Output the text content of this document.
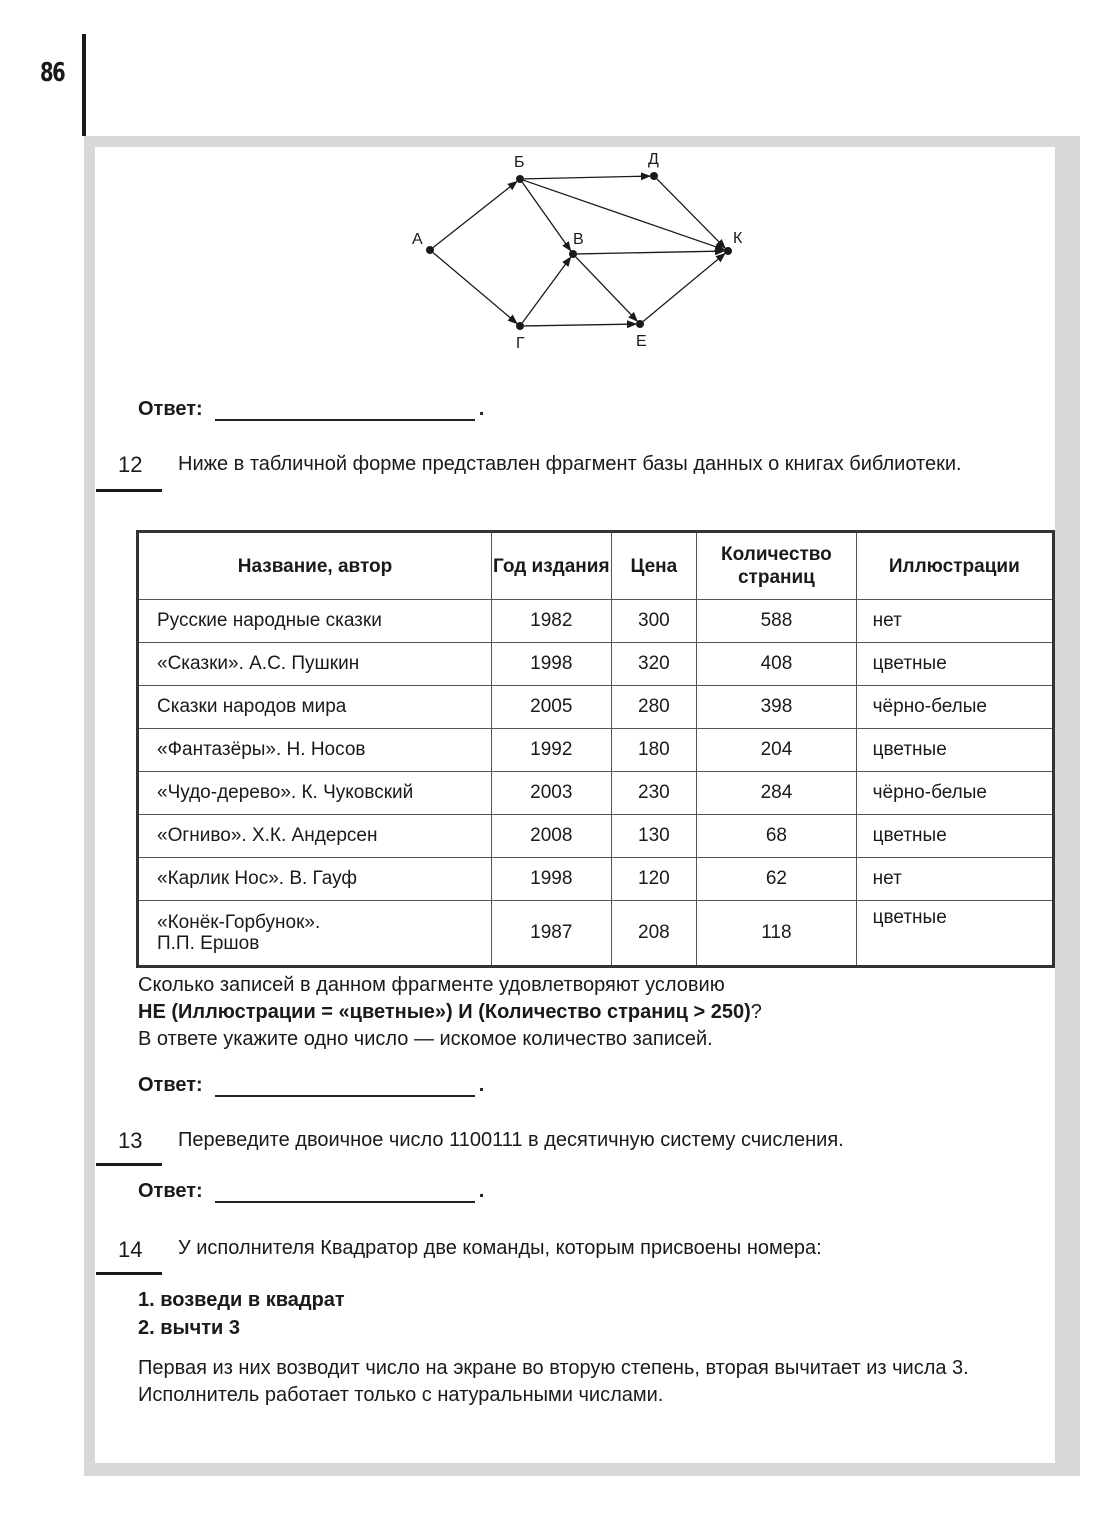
86
А
Б	Д
В	К
Г	Е
Ответ:	.
12 Ниже в табличной форме представлен фрагмент базы данных о книгах библиотеки.
Название, автор	Год издания	Цена	Количество страниц	Иллюстрации
Русские народные сказки	1982	300	588	нет
«Сказки». А.С. Пушкин	1998	320	408	цветные
Сказки народов мира	2005	280	398	чёрно-белые
«Фантазёры». Н. Носов	1992	180	204	цветные
«Чудо-дерево». К. Чуковский	2003	230	284	чёрно-белые
«Огниво». Х.К. Андерсен	2008	130	68	цветные
«Карлик Нос». В. Гауф	1998	120	62	нет
«Конёк-Горбунок». П.П. Ершов	1987	208	118	цветные
Сколько записей в данном фрагменте удовлетворяют условию
НЕ (Иллюстрации = «цветные») И (Количество страниц > 250)?
В ответе укажите одно число — искомое количество записей.
Ответ:	.
13 Переведите двоичное число 1100111 в десятичную систему счисления.
Ответ:	.
14 У исполнителя Квадратор две команды, которым присвоены номера:
1. возведи в квадрат
2. вычти 3
Первая из них возводит число на экране во вторую степень, вторая вычитает из числа 3.
Исполнитель работает только с натуральными числами.
